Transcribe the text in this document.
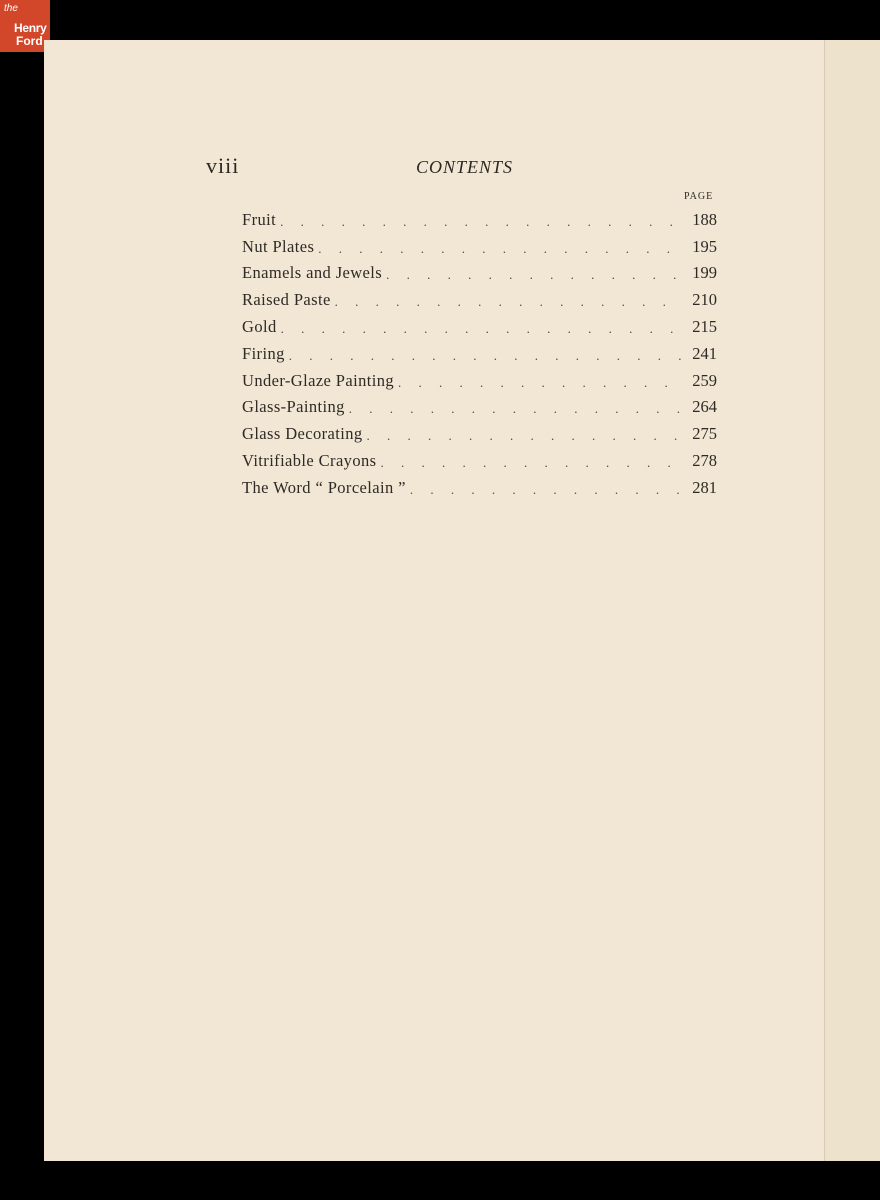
the
Henry
Ford
viii	CONTENTS
PAGE
Fruit . . .	188
Nut Plates . . .	195
Enamels and Jewels . . .	199
Raised Paste . . .	210
Gold . . .	215
Firing . . .	241
Under-Glaze Painting . . .	259
Glass-Painting . . .	264
Glass Decorating . . .	275
Vitrifiable Crayons . . .	278
The Word “ Porcelain ” . . .	281
